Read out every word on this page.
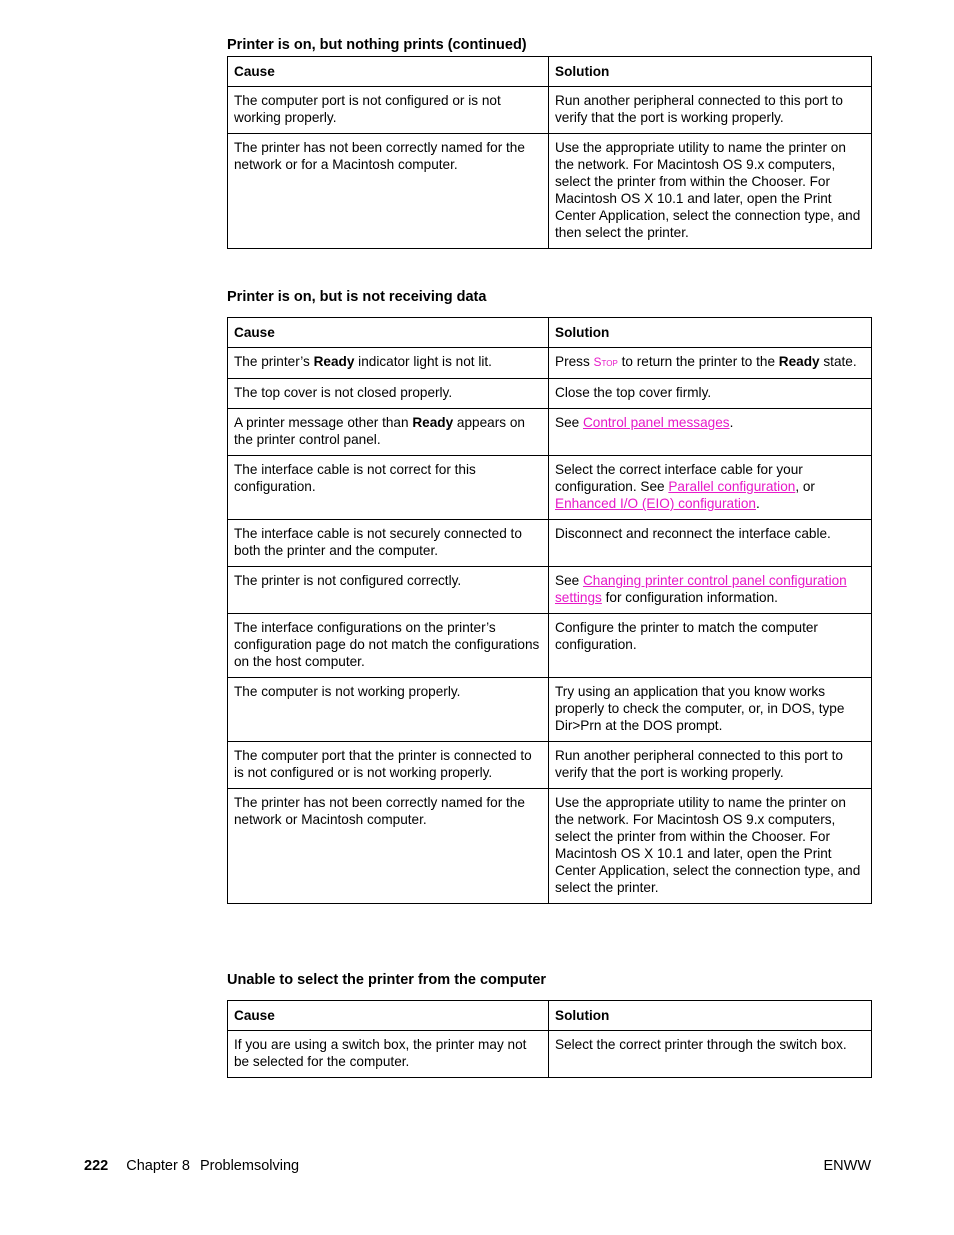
Printer is on, but nothing prints (continued)
Cause	Solution
The computer port is not configured or is not working properly.	Run another peripheral connected to this port to verify that the port is working properly.
The printer has not been correctly named for the network or for a Macintosh computer.	Use the appropriate utility to name the printer on the network. For Macintosh OS 9.x computers, select the printer from within the Chooser. For Macintosh OS X 10.1 and later, open the Print Center Application, select the connection type, and then select the printer.
Printer is on, but is not receiving data
Cause	Solution
The printer’s Ready indicator light is not lit.	Press Stop to return the printer to the Ready state.
The top cover is not closed properly.	Close the top cover firmly.
A printer message other than Ready appears on the printer control panel.	See Control panel messages.
The interface cable is not correct for this configuration.	Select the correct interface cable for your configuration. See Parallel configuration, or Enhanced I/O (EIO) configuration.
The interface cable is not securely connected to both the printer and the computer.	Disconnect and reconnect the interface cable.
The printer is not configured correctly.	See Changing printer control panel configuration settings for configuration information.
The interface configurations on the printer’s configuration page do not match the configurations on the host computer.	Configure the printer to match the computer configuration.
The computer is not working properly.	Try using an application that you know works properly to check the computer, or, in DOS, type Dir>Prn at the DOS prompt.
The computer port that the printer is connected to is not configured or is not working properly.	Run another peripheral connected to this port to verify that the port is working properly.
The printer has not been correctly named for the network or Macintosh computer.	Use the appropriate utility to name the printer on the network. For Macintosh OS 9.x computers, select the printer from within the Chooser. For Macintosh OS X 10.1 and later, open the Print Center Application, select the connection type, and select the printer.
Unable to select the printer from the computer
Cause	Solution
If you are using a switch box, the printer may not be selected for the computer.	Select the correct printer through the switch box.
222 Chapter 8 Problemsolving	ENWW
